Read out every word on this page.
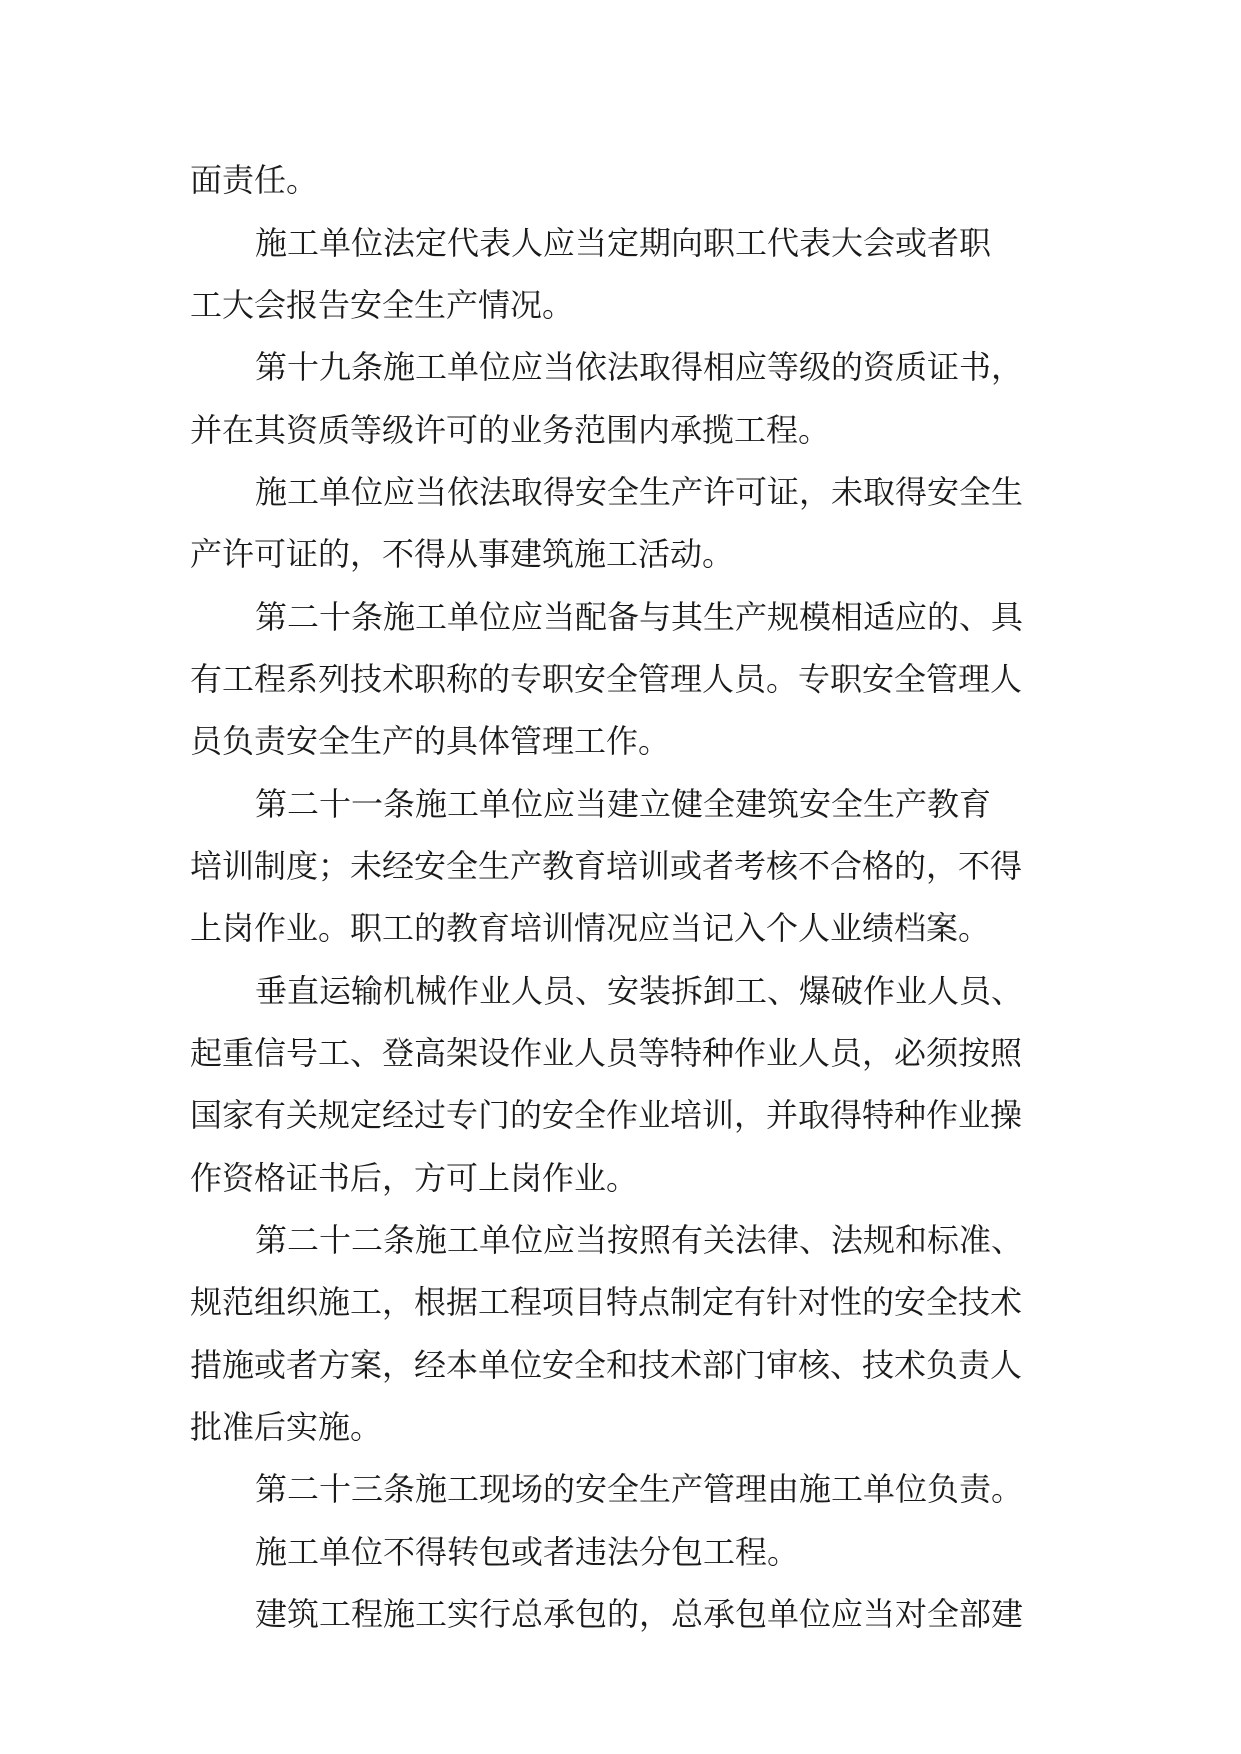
面责任。
施工单位法定代表人应当定期向职工代表大会或者职
工大会报告安全生产情况。
第十九条施工单位应当依法取得相应等级的资质证书，
并在其资质等级许可的业务范围内承揽工程。
施工单位应当依法取得安全生产许可证，未取得安全生
产许可证的，不得从事建筑施工活动。
第二十条施工单位应当配备与其生产规模相适应的、具
有工程系列技术职称的专职安全管理人员。专职安全管理人
员负责安全生产的具体管理工作。
第二十一条施工单位应当建立健全建筑安全生产教育
培训制度；未经安全生产教育培训或者考核不合格的，不得
上岗作业。职工的教育培训情况应当记入个人业绩档案。
垂直运输机械作业人员、安装拆卸工、爆破作业人员、
起重信号工、登高架设作业人员等特种作业人员，必须按照
国家有关规定经过专门的安全作业培训，并取得特种作业操
作资格证书后，方可上岗作业。
第二十二条施工单位应当按照有关法律、法规和标准、
规范组织施工，根据工程项目特点制定有针对性的安全技术
措施或者方案，经本单位安全和技术部门审核、技术负责人
批准后实施。
第二十三条施工现场的安全生产管理由施工单位负责。
施工单位不得转包或者违法分包工程。
建筑工程施工实行总承包的，总承包单位应当对全部建
